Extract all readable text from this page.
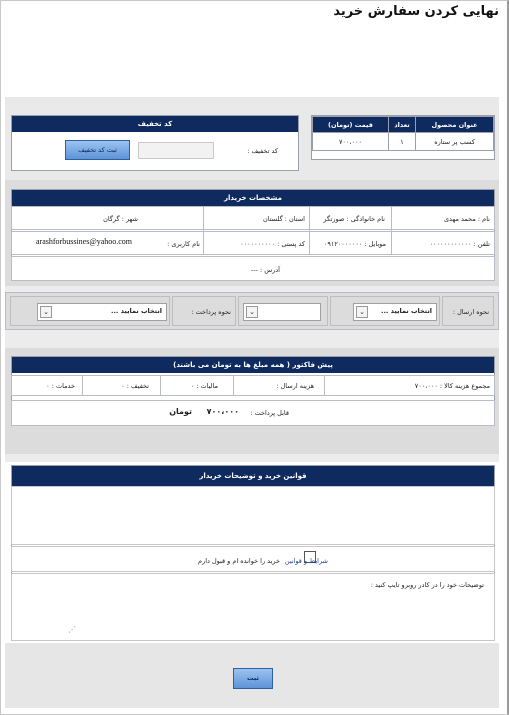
نهایی کردن سفارش خرید
قیمت (تومان)	تعداد	عنوان محصول
۷۰۰،۰۰۰	۱	کسب پر ستاره
کد تخفیف
کد تخفیف :
ثبت کد تخفیف
مشخصات خریدار
نام : محمد مهدی
نام خانوادگی : صورتگر
استان : گلستان
شهر : گرگان
تلفن : ۰۰۰۰۰۰۰۰۰۰۰۰
موبایل : ۰۹۱۲۰۰۰۰۰۰۰
کد پستی : ۰۰۰۰۰۰۰۰۰۰
نام کاربری :
arashforbussines@yahoo.com
آدرس : ---
نحوه ارسال :
⌄	انتخاب نمایید ...
⌄
نحوه پرداخت :
⌄	انتخاب نمایید ...
پیش فاکتور ( همه مبلغ ها به تومان می باشند)
مجموع هزینه کالا : ۷۰۰،۰۰۰
هزینه ارسال :
مالیات : ۰
تخفیف : ۰
خدمات : ۰
قابل پرداخت :
۷۰۰،۰۰۰
تومان
قوانین خرید و توضیحات خریدار
شرایط و قوانین
خرید را خوانده ام و قبول دارم
توضیحات خود را در کادر روبرو تایپ کنید :
⋰
ثبت
